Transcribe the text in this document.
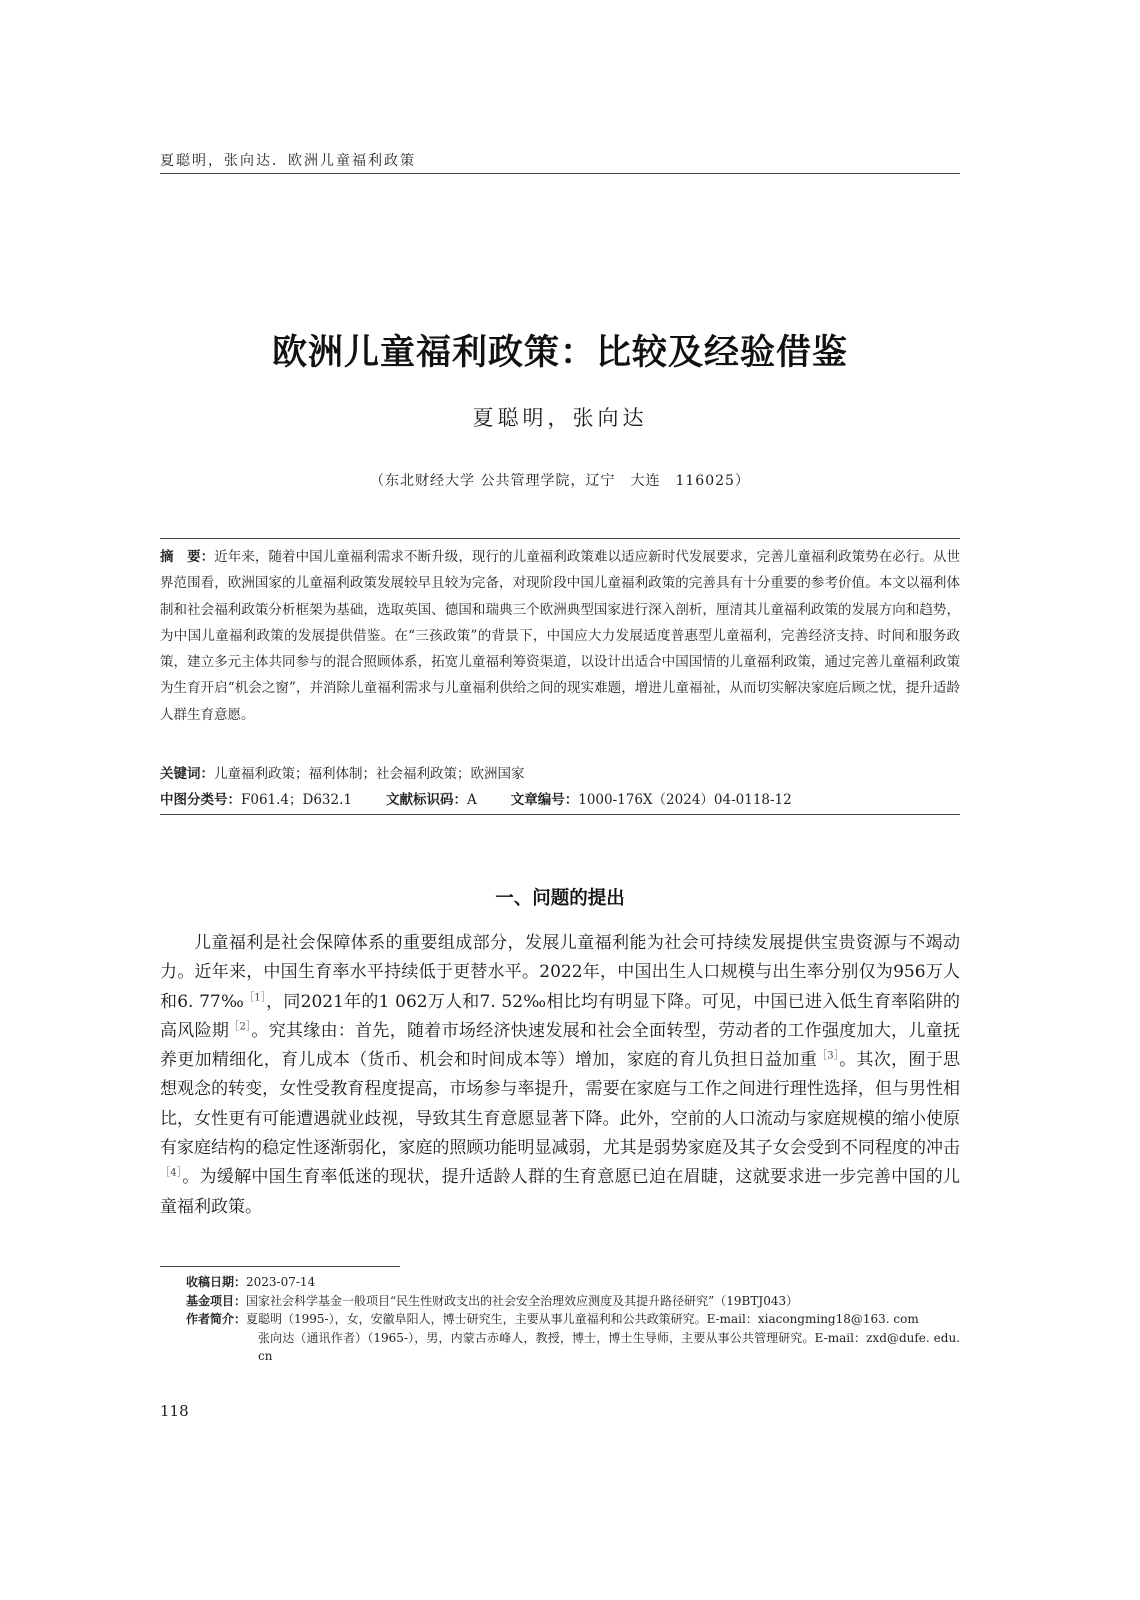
夏聪明，张向达．欧洲儿童福利政策
欧洲儿童福利政策：比较及经验借鉴
夏聪明，张向达
（东北财经大学 公共管理学院，辽宁　大连　116025）
摘　要：近年来，随着中国儿童福利需求不断升级，现行的儿童福利政策难以适应新时代发展要求，完善儿童福利政策势在必行。从世界范围看，欧洲国家的儿童福利政策发展较早且较为完备，对现阶段中国儿童福利政策的完善具有十分重要的参考价值。本文以福利体制和社会福利政策分析框架为基础，选取英国、德国和瑞典三个欧洲典型国家进行深入剖析，厘清其儿童福利政策的发展方向和趋势，为中国儿童福利政策的发展提供借鉴。在“三孩政策”的背景下，中国应大力发展适度普惠型儿童福利，完善经济支持、时间和服务政策，建立多元主体共同参与的混合照顾体系，拓宽儿童福利筹资渠道，以设计出适合中国国情的儿童福利政策，通过完善儿童福利政策为生育开启“机会之窗”，并消除儿童福利需求与儿童福利供给之间的现实难题，增进儿童福祉，从而切实解决家庭后顾之忧，提升适龄人群生育意愿。
关键词：儿童福利政策；福利体制；社会福利政策；欧洲国家
中图分类号：F061.4；D632.1	文献标识码：A	文章编号：1000-176X（2024）04-0118-12
一、问题的提出
儿童福利是社会保障体系的重要组成部分，发展儿童福利能为社会可持续发展提供宝贵资源与不竭动力。近年来，中国生育率水平持续低于更替水平。2022年，中国出生人口规模与出生率分别仅为956万人和6. 77‰$^{[1]}$，同2021年的1 062万人和7. 52‰相比均有明显下降。可见，中国已进入低生育率陷阱的高风险期$^{[2]}$。究其缘由：首先，随着市场经济快速发展和社会全面转型，劳动者的工作强度加大，儿童抚养更加精细化，育儿成本（货币、机会和时间成本等）增加，家庭的育儿负担日益加重$^{[3]}$。其次，囿于思想观念的转变，女性受教育程度提高，市场参与率提升，需要在家庭与工作之间进行理性选择，但与男性相比，女性更有可能遭遇就业歧视，导致其生育意愿显著下降。此外，空前的人口流动与家庭规模的缩小使原有家庭结构的稳定性逐渐弱化，家庭的照顾功能明显减弱，尤其是弱势家庭及其子女会受到不同程度的冲击$^{[4]}$。为缓解中国生育率低迷的现状，提升适龄人群的生育意愿已迫在眉睫，这就要求进一步完善中国的儿童福利政策。
收稿日期： 2023-07-14
基金项目： 国家社会科学基金一般项目“民生性财政支出的社会安全治理效应测度及其提升路径研究”（19BTJ043）
作者简介： 夏聪明（1995-），女，安徽阜阳人，博士研究生，主要从事儿童福利和公共政策研究。E-mail：xiacongming18@163. com
张向达（通讯作者）（1965-），男，内蒙古赤峰人，教授，博士，博士生导师，主要从事公共管理研究。E-mail：zxd@dufe. edu. cn
118
